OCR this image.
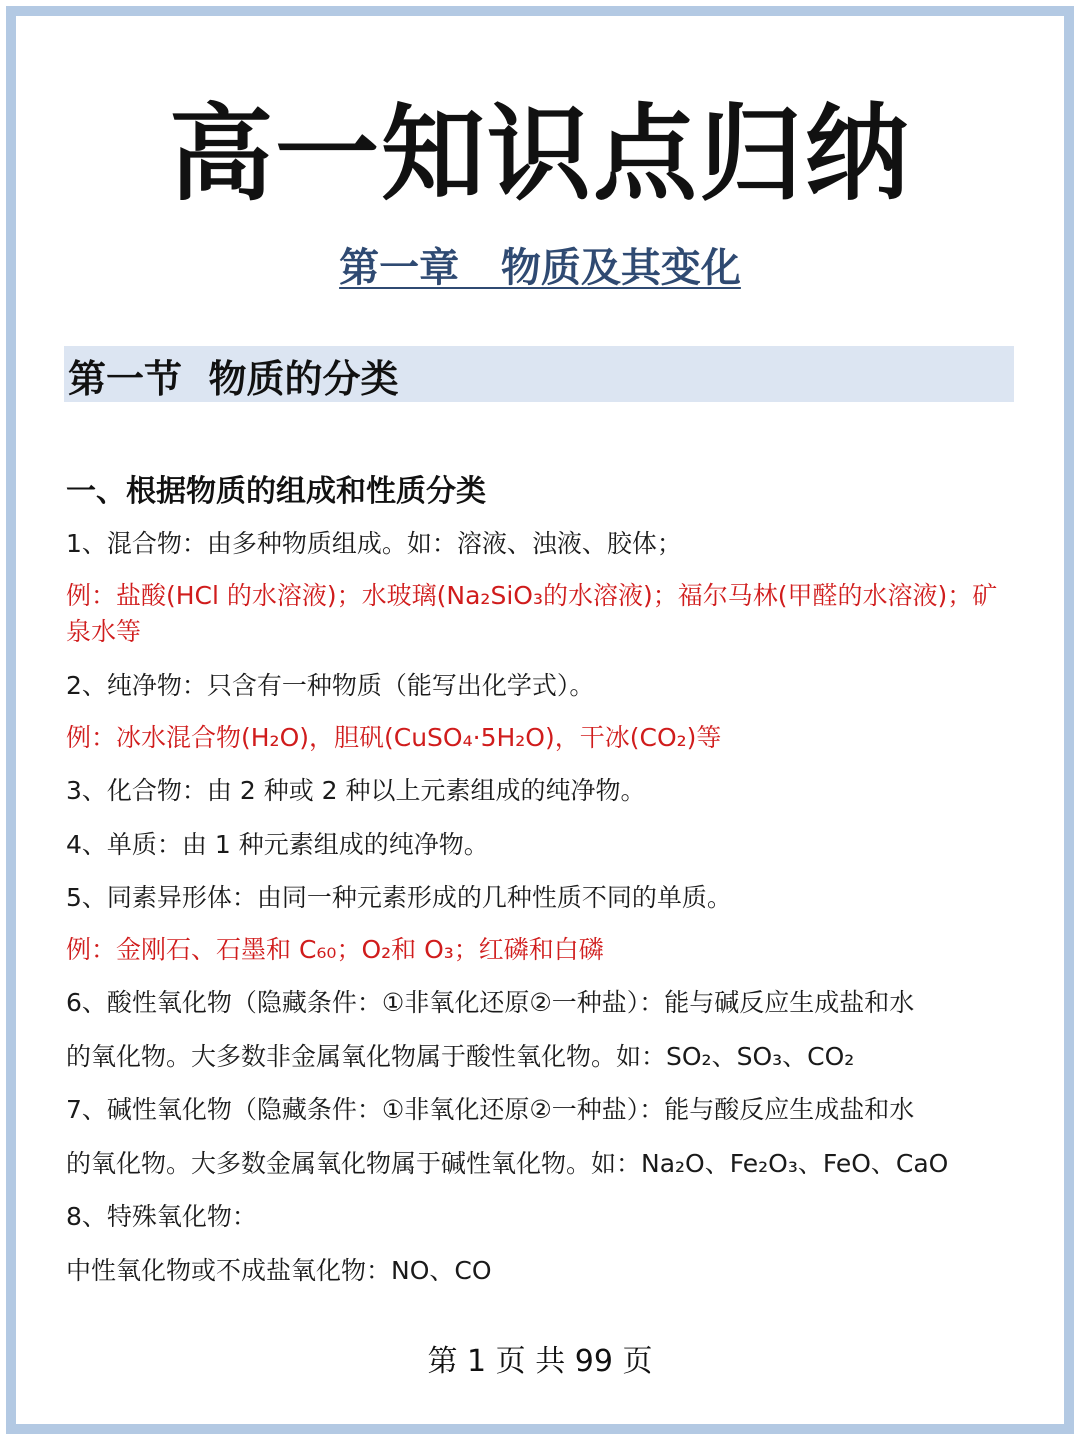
高一知识点归纳
第一章   物质及其变化
第一节  物质的分类
一、根据物质的组成和性质分类
1、混合物：由多种物质组成。如：溶液、浊液、胶体；
例：盐酸(HCl 的水溶液)；水玻璃(Na₂SiO₃的水溶液)；福尔马林(甲醛的水溶液)；矿泉水等
2、纯净物：只含有一种物质（能写出化学式）。
例：冰水混合物(H₂O)，胆矾(CuSO₄·5H₂O)，干冰(CO₂)等
3、化合物：由 2 种或 2 种以上元素组成的纯净物。
4、单质：由 1 种元素组成的纯净物。
5、同素异形体：由同一种元素形成的几种性质不同的单质。
例：金刚石、石墨和 C₆₀；O₂和 O₃；红磷和白磷
6、酸性氧化物（隐藏条件：①非氧化还原②一种盐）：能与碱反应生成盐和水
的氧化物。大多数非金属氧化物属于酸性氧化物。如：SO₂、SO₃、CO₂
7、碱性氧化物（隐藏条件：①非氧化还原②一种盐）：能与酸反应生成盐和水
的氧化物。大多数金属氧化物属于碱性氧化物。如：Na₂O、Fe₂O₃、FeO、CaO
8、特殊氧化物：
中性氧化物或不成盐氧化物：NO、CO
第 1 页 共 99 页
